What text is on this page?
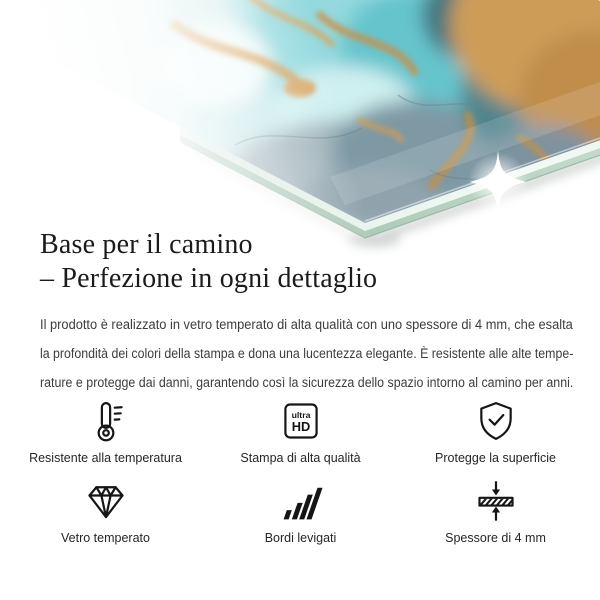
Base per il camino
– Perfezione in ogni dettaglio
Il prodotto è realizzato in vetro temperato di alta qualità con uno spessore di 4 mm, che esalta
la profondità dei colori della stampa e dona una lucentezza elegante. È resistente alle alte tempe-
rature e protegge dai danni, garantendo così la sicurezza dello spazio intorno al camino per anni.
Resistente alla temperatura
ultra
HD
Stampa di alta qualità	Protegge la superficie
Vetro temperato	Bordi levigati	Spessore di 4 mm
